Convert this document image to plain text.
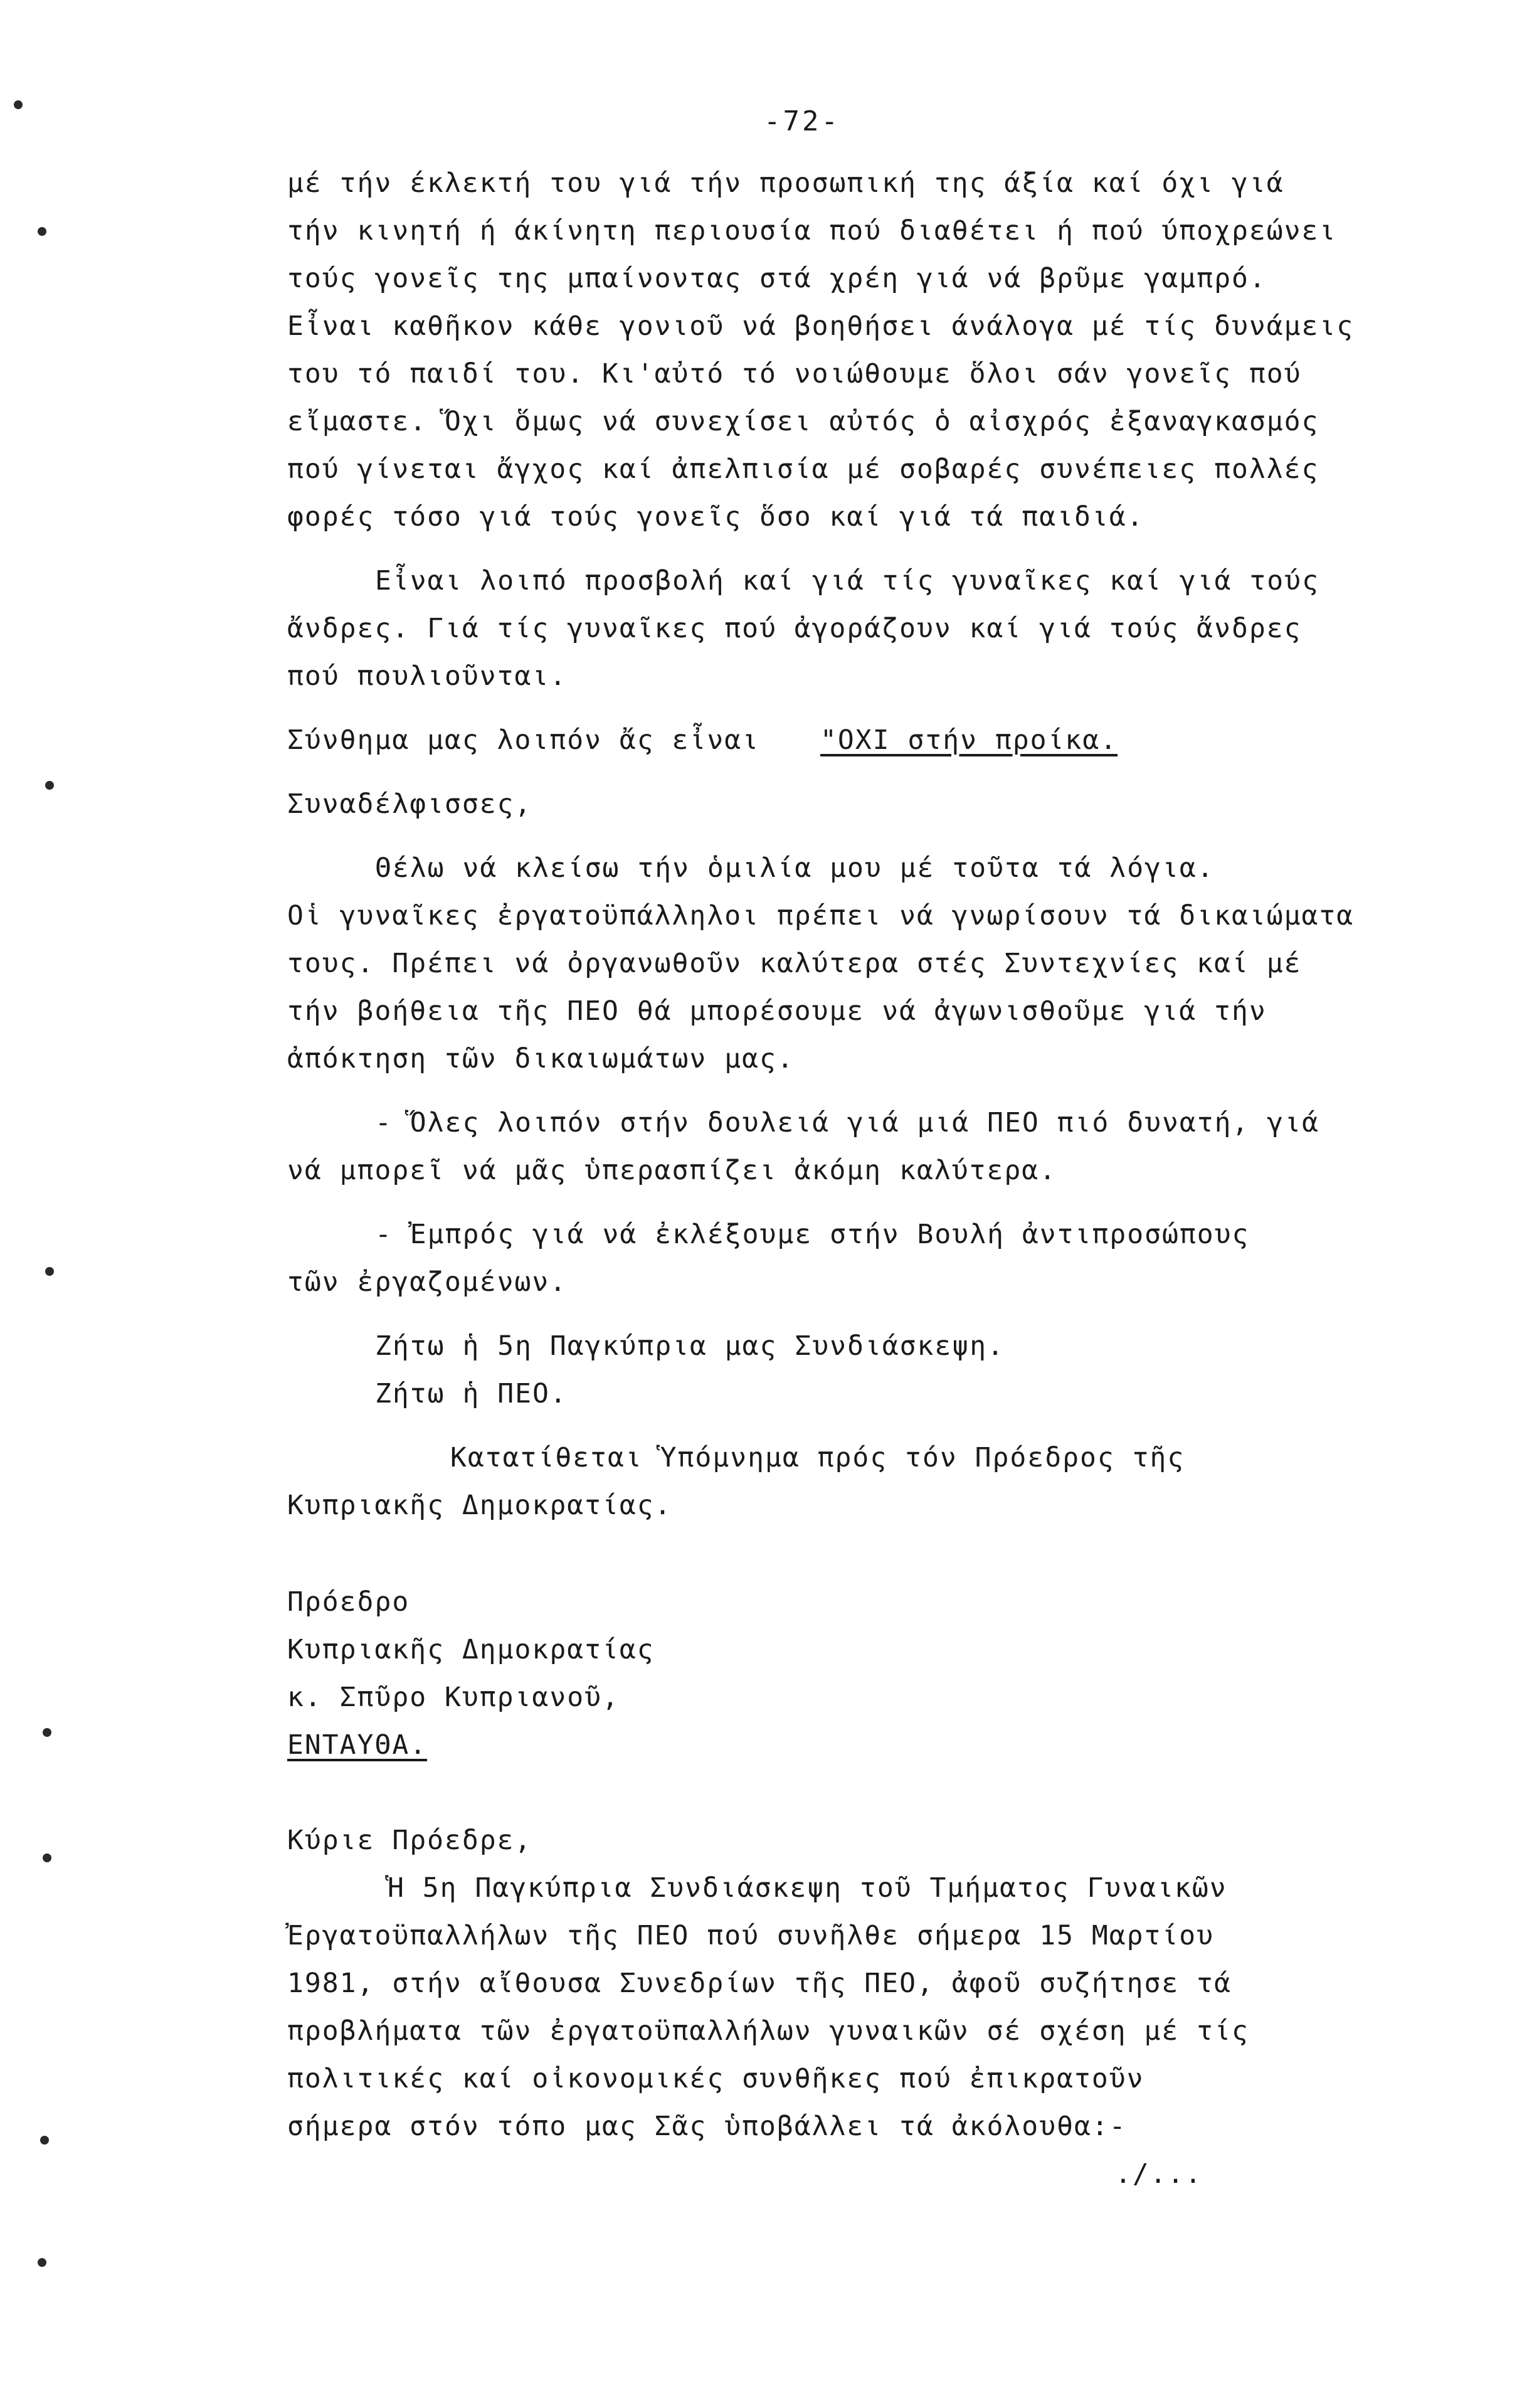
-72-
μέ τήν έκλεκτή του γιά τήν προσωπική της άξία καί όχι γιά
τήν κινητή ή άκίνητη περιουσία πού διαθέτει ή πού ύποχρεώνει
τούς γονεῖς της μπαίνοντας στά χρέη γιά νά βρῦμε γαμπρό.
Εἶναι καθῆκον κάθε γονιοῦ νά βοηθήσει άνάλογα μέ τίς δυνάμεις
του τό παιδί του. Κι'αὐτό τό νοιώθουμε ὅλοι σάν γονεῖς πού
εἴμαστε. Ὅχι ὅμως νά συνεχίσει αὐτός ὁ αἰσχρός ἐξαναγκασμός
πού γίνεται ἄγχος καί ἀπελπισία μέ σοβαρές συνέπειες πολλές
φορές τόσο γιά τούς γονεῖς ὅσο καί γιά τά παιδιά.
Εἶναι λοιπό προσβολή καί γιά τίς γυναῖκες καί γιά τούς
ἄνδρες. Γιά τίς γυναῖκες πού ἀγοράζουν καί γιά τούς ἄνδρες
πού πουλιοῦνται.
Σύνθημα μας λοιπόν ἄς εἶναι "ΟΧΙ στήν προίκα.
Συναδέλφισσες,
Θέλω νά κλείσω τήν ὁμιλία μου μέ τοῦτα τά λόγια.
Οἱ γυναῖκες ἐργατοϋπάλληλοι πρέπει νά γνωρίσουν τά δικαιώματα
τους. Πρέπει νά ὀργανωθοῦν καλύτερα στές Συντεχνίες καί μέ
τήν βοήθεια τῆς ΠΕΟ θά μπορέσουμε νά ἀγωνισθοῦμε γιά τήν
ἀπόκτηση τῶν δικαιωμάτων μας.
- Ὅλες λοιπόν στήν δουλειά γιά μιά ΠΕΟ πιό δυνατή, γιά
νά μπορεῖ νά μᾶς ὑπερασπίζει ἀκόμη καλύτερα.
- Ἐμπρός γιά νά ἐκλέξουμε στήν Βουλή ἀντιπροσώπους
τῶν ἐργαζομένων.
Ζήτω ἡ 5η Παγκύπρια μας Συνδιάσκεψη.
Ζήτω ἡ ΠΕΟ.
Κατατίθεται Ὑπόμνημα πρός τόν Πρόεδρος τῆς
Κυπριακῆς Δημοκρατίας.
Πρόεδρο
Κυπριακῆς Δημοκρατίας
κ. Σπῦρο Κυπριανοῦ,
ΕΝΤΑΥΘΑ.
Κύριε Πρόεδρε,
Ἡ 5η Παγκύπρια Συνδιάσκεψη τοῦ Τμήματος Γυναικῶν
Ἐργατοϋπαλλήλων τῆς ΠΕΟ πού συνῆλθε σήμερα 15 Μαρτίου
1981, στήν αἴθουσα Συνεδρίων τῆς ΠΕΟ, ἀφοῦ συζήτησε τά
προβλήματα τῶν ἐργατοϋπαλλήλων γυναικῶν σέ σχέση μέ τίς
πολιτικές καί οἰκονομικές συνθῆκες πού ἐπικρατοῦν
σήμερα στόν τόπο μας Σᾶς ὑποβάλλει τά ἀκόλουθα:-
./...
